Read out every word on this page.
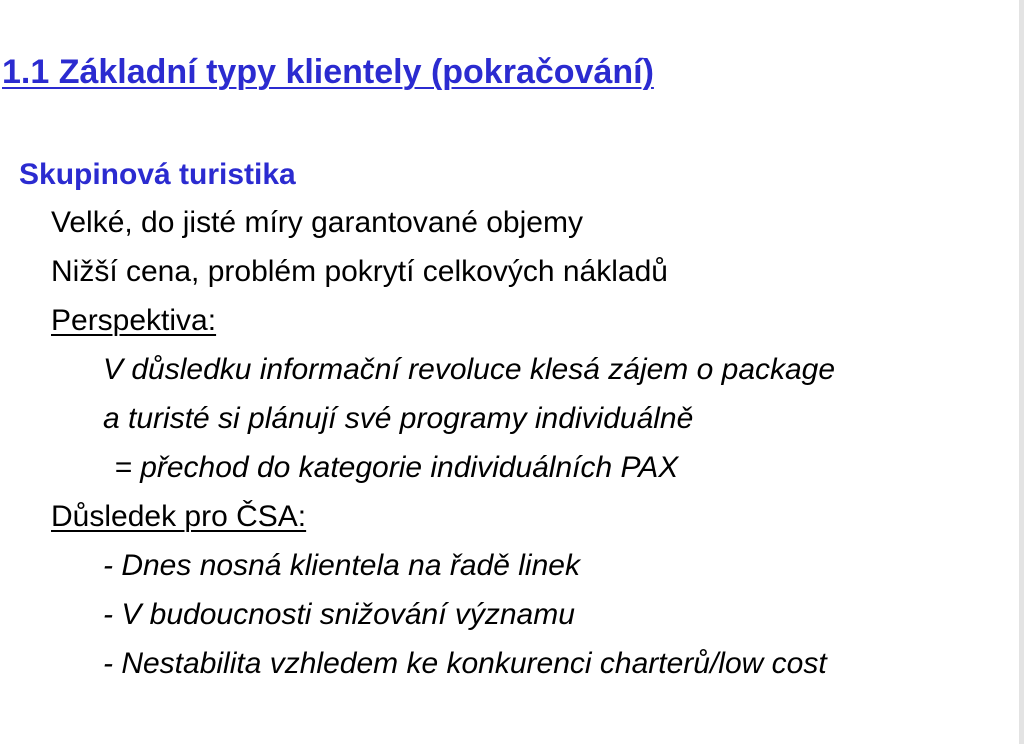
1.1 Základní typy klientely (pokračování)
Skupinová turistika

Velké, do jisté míry garantované objemy

Nižší cena, problém pokrytí celkových nákladů

Perspektiva:

V důsledku informační revoluce klesá zájem o package

a turisté si plánují své programy individuálně

= přechod do kategorie individuálních PAX

Důsledek pro ČSA:

- Dnes nosná klientela na řadě linek

- V budoucnosti snižování významu

- Nestabilita vzhledem ke konkurenci charterů/low cost
